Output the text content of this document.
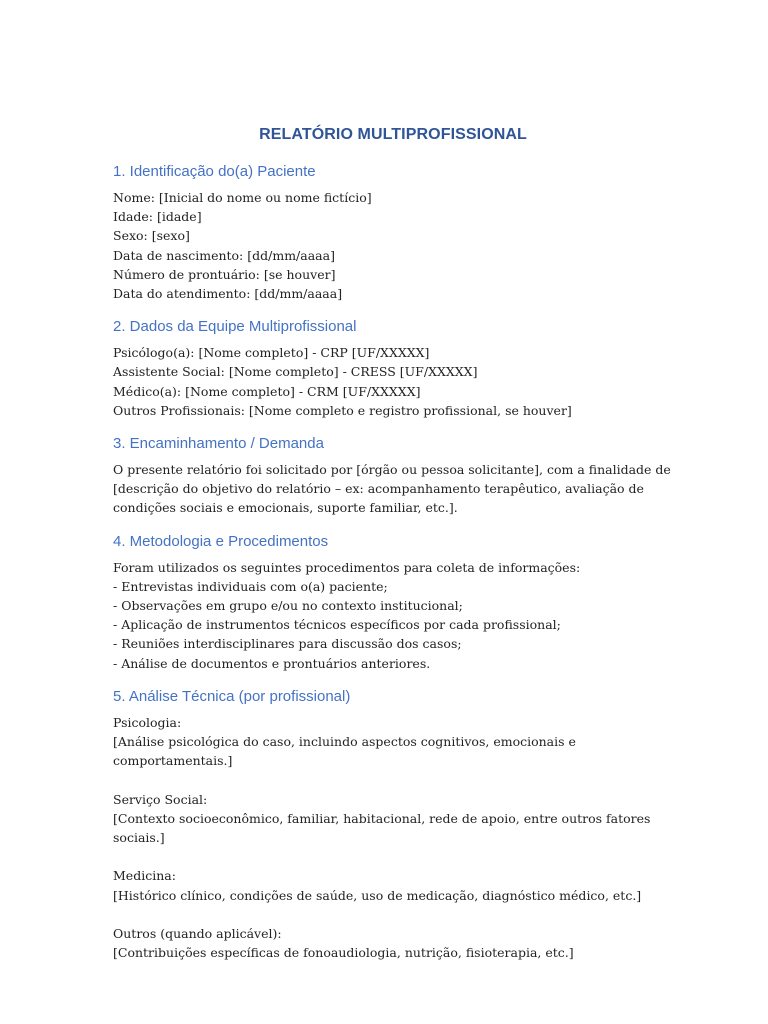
RELATÓRIO MULTIPROFISSIONAL
1. Identificação do(a) Paciente

Nome: [Inicial do nome ou nome fictício]

Idade: [idade]

Sexo: [sexo]

Data de nascimento: [dd/mm/aaaa]

Número de prontuário: [se houver]

Data do atendimento: [dd/mm/aaaa]

2. Dados da Equipe Multiprofissional

Psicólogo(a): [Nome completo] - CRP [UF/XXXXX]

Assistente Social: [Nome completo] - CRESS [UF/XXXXX]

Médico(a): [Nome completo] - CRM [UF/XXXXX]

Outros Profissionais: [Nome completo e registro profissional, se houver]

3. Encaminhamento / Demanda

O presente relatório foi solicitado por [órgão ou pessoa solicitante], com a finalidade de

[descrição do objetivo do relatório – ex: acompanhamento terapêutico, avaliação de

condições sociais e emocionais, suporte familiar, etc.].

4. Metodologia e Procedimentos

Foram utilizados os seguintes procedimentos para coleta de informações:

- Entrevistas individuais com o(a) paciente;

- Observações em grupo e/ou no contexto institucional;

- Aplicação de instrumentos técnicos específicos por cada profissional;

- Reuniões interdisciplinares para discussão dos casos;

- Análise de documentos e prontuários anteriores.

5. Análise Técnica (por profissional)

Psicologia:

[Análise psicológica do caso, incluindo aspectos cognitivos, emocionais e comportamentais.]

Serviço Social:

[Contexto socioeconômico, familiar, habitacional, rede de apoio, entre outros fatores

sociais.]

Medicina:

[Histórico clínico, condições de saúde, uso de medicação, diagnóstico médico, etc.]

Outros (quando aplicável):

[Contribuições específicas de fonoaudiologia, nutrição, fisioterapia, etc.]
